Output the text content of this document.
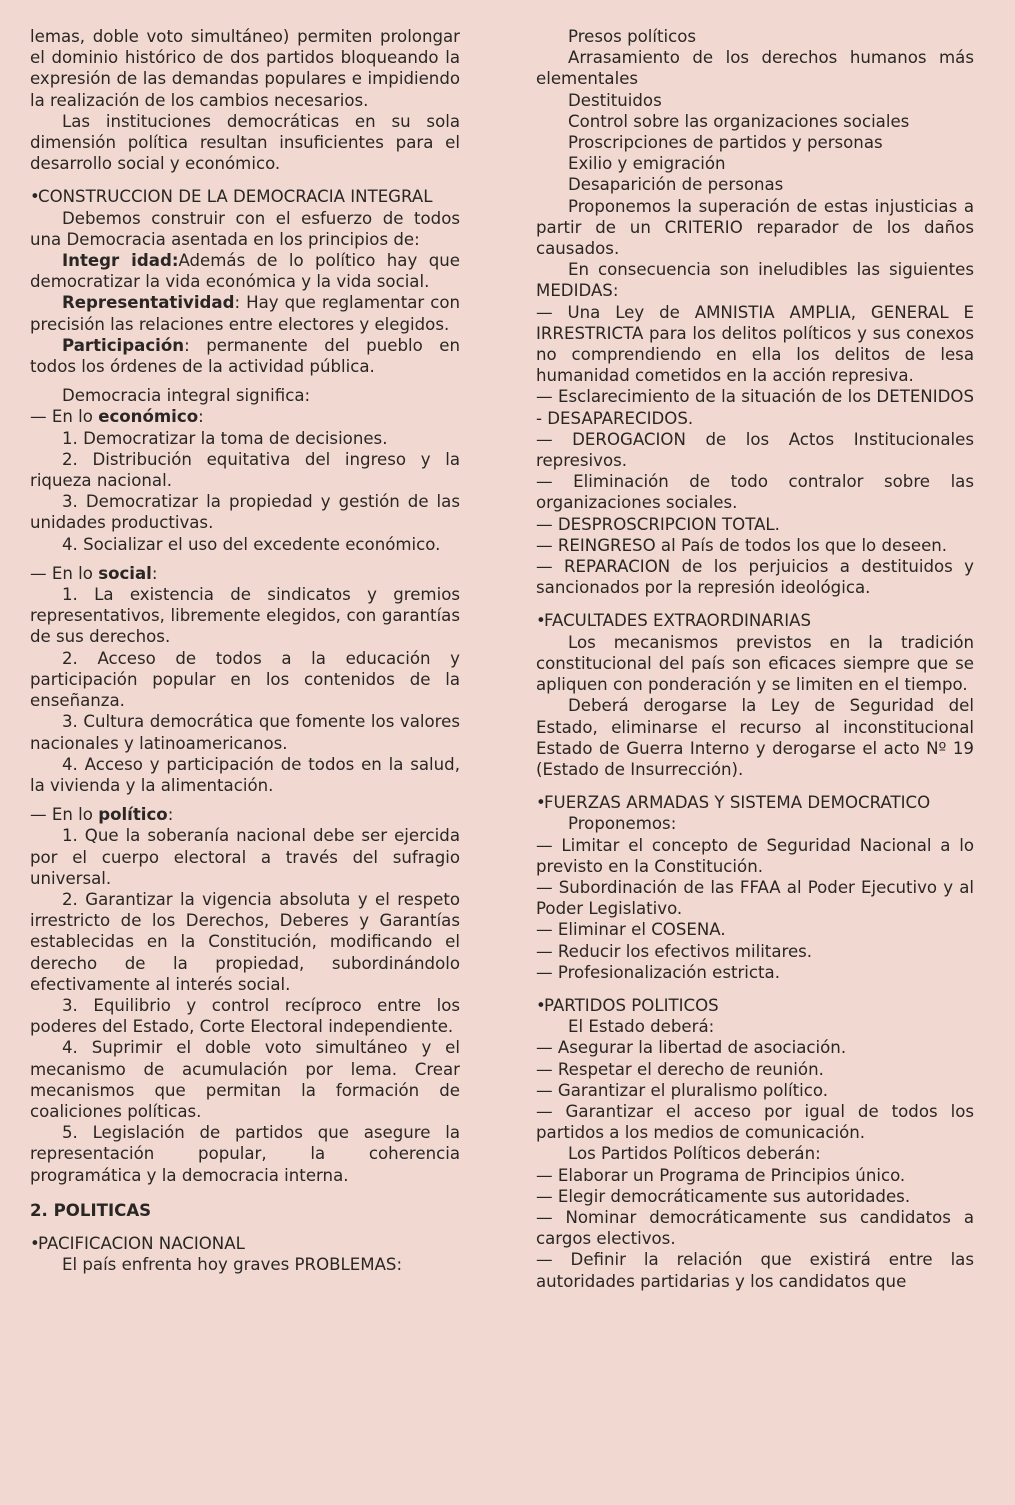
lemas, doble voto simultáneo) permiten prolongar el dominio histórico de dos partidos bloqueando la expresión de las demandas populares e impidiendo la realización de los cambios necesarios.

Las instituciones democráticas en su sola dimensión política resultan insuficientes para el desarrollo social y económico.

•CONSTRUCCION DE LA DEMOCRACIA INTEGRAL

Debemos construir con el esfuerzo de todos una Democracia asentada en los principios de:

Integr idad:Además de lo político hay que democratizar la vida económica y la vida social.

Representatividad: Hay que reglamentar con precisión las relaciones entre electores y elegidos.

Participación: permanente del pueblo en todos los órdenes de la actividad pública.

Democracia integral significa:

— En lo económico:

1. Democratizar la toma de decisiones.

2. Distribución equitativa del ingreso y la riqueza nacional.

3. Democratizar la propiedad y gestión de las unidades productivas.

4. Socializar el uso del excedente económico.

— En lo social:

1. La existencia de sindicatos y gremios representativos, libremente elegidos, con garantías de sus derechos.

2. Acceso de todos a la educación y participación popular en los contenidos de la enseñanza.

3. Cultura democrática que fomente los valores nacionales y latinoamericanos.

4. Acceso y participación de todos en la salud, la vivienda y la alimentación.

— En lo político:

1. Que la soberanía nacional debe ser ejercida por el cuerpo electoral a través del sufragio universal.

2. Garantizar la vigencia absoluta y el respeto irrestricto de los Derechos, Deberes y Garantías establecidas en la Constitución, modificando el derecho de la propiedad, subordinándolo efectivamente al interés social.

3. Equilibrio y control recíproco entre los poderes del Estado, Corte Electoral independiente.

4. Suprimir el doble voto simultáneo y el mecanismo de acumulación por lema. Crear mecanismos que permitan la formación de coaliciones políticas.

5. Legislación de partidos que asegure la representación popular, la coherencia programática y la democracia interna.

2. POLITICAS

•PACIFICACION NACIONAL

El país enfrenta hoy graves PROBLEMAS:

Presos políticos

Arrasamiento de los derechos humanos más elementales

Destituidos

Control sobre las organizaciones sociales

Proscripciones de partidos y personas

Exilio y emigración

Desaparición de personas

Proponemos la superación de estas injusticias a partir de un CRITERIO reparador de los daños causados.

En consecuencia son ineludibles las siguientes MEDIDAS:

— Una Ley de AMNISTIA AMPLIA, GENERAL E IRRESTRICTA para los delitos políticos y sus conexos no comprendiendo en ella los delitos de lesa humanidad cometidos en la acción represiva.

— Esclarecimiento de la situación de los DETENIDOS - DESAPARECIDOS.

— DEROGACION de los Actos Institucionales represivos.

— Eliminación de todo contralor sobre las organizaciones sociales.

— DESPROSCRIPCION TOTAL.

— REINGRESO al País de todos los que lo deseen.

— REPARACION de los perjuicios a destituidos y sancionados por la represión ideológica.

•FACULTADES EXTRAORDINARIAS

Los mecanismos previstos en la tradición constitucional del país son eficaces siempre que se apliquen con ponderación y se limiten en el tiempo.

Deberá derogarse la Ley de Seguridad del Estado, eliminarse el recurso al inconstitucional Estado de Guerra Interno y derogarse el acto Nº 19 (Estado de Insurrección).

•FUERZAS ARMADAS Y SISTEMA DEMOCRATICO

Proponemos:

— Limitar el concepto de Seguridad Nacional a lo previsto en la Constitución.

— Subordinación de las FFAA al Poder Ejecutivo y al Poder Legislativo.

— Eliminar el COSENA.

— Reducir los efectivos militares.

— Profesionalización estricta.

•PARTIDOS POLITICOS

El Estado deberá:

— Asegurar la libertad de asociación.

— Respetar el derecho de reunión.

— Garantizar el pluralismo político.

— Garantizar el acceso por igual de todos los partidos a los medios de comunicación.

Los Partidos Políticos deberán:

— Elaborar un Programa de Principios único.

— Elegir democráticamente sus autoridades.

— Nominar democráticamente sus candidatos a cargos electivos.

— Definir la relación que existirá entre las autoridades partidarias y los candidatos que
